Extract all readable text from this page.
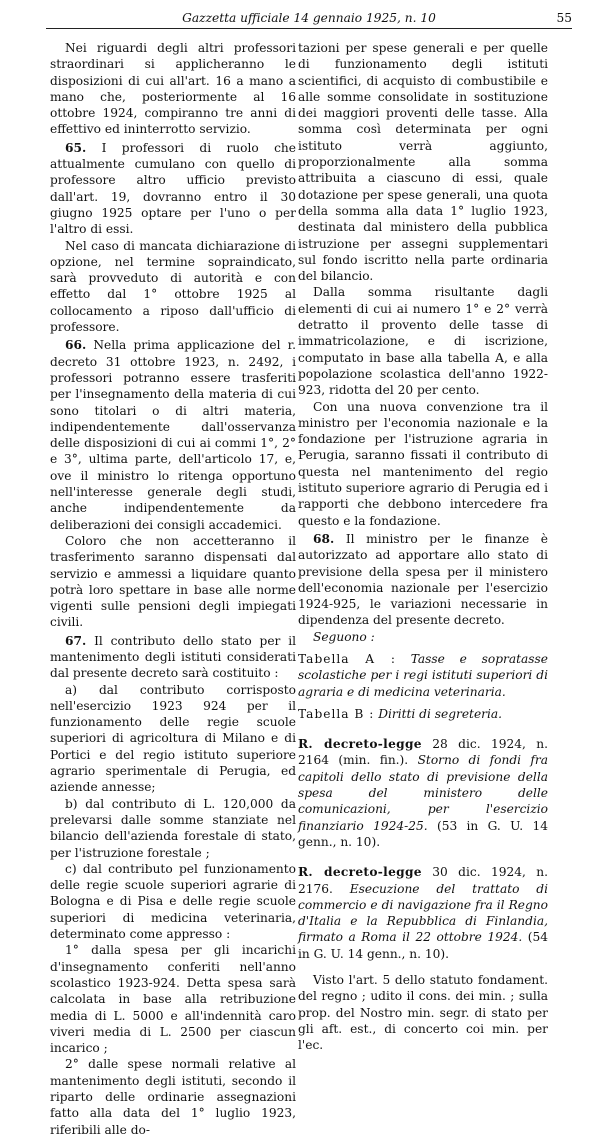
Gazzetta ufficiale 14 gennaio 1925, n. 10	55

Nei riguardi degli altri professori straordinari si applicheranno le disposizioni di cui all'art. 16 a mano a mano che, posteriormente al 16 ottobre 1924, compiranno tre anni di effettivo ed ininterrotto servizio.

65. I professori di ruolo che attualmente cumulano con quello di professore altro ufficio previsto dall'art. 19, dovranno entro il 30 giugno 1925 optare per l'uno o per l'altro di essi.

Nel caso di mancata dichiarazione di opzione, nel termine sopraindicato, sarà provveduto di autorità e con effetto dal 1° ottobre 1925 al collocamento a riposo dall'ufficio di professore.

66. Nella prima applicazione del r. decreto 31 ottobre 1923, n. 2492, i professori potranno essere trasferiti per l'insegnamento della materia di cui sono titolari o di altri materia, indipendentemente dall'osservanza delle disposizioni di cui ai commi 1°, 2° e 3°, ultima parte, dell'articolo 17, e, ove il ministro lo ritenga opportuno nell'interesse generale degli studi, anche indipendentemente da deliberazioni dei consigli accademici.

Coloro che non accetteranno il trasferimento saranno dispensati dal servizio e ammessi a liquidare quanto potrà loro spettare in base alle norme vigenti sulle pensioni degli impiegati civili.

67. Il contributo dello stato per il mantenimento degli istituti considerati dal presente decreto sarà costituito :

a) dal contributo corrisposto nell'esercizio 1923 924 per il funzionamento delle regie scuole superiori di agricoltura di Milano e di Portici e del regio istituto superiore agrario sperimentale di Perugia, ed aziende annesse;

b) dal contributo di L. 120,000 da prelevarsi dalle somme stanziate nel bilancio dell'azienda forestale di stato, per l'istruzione forestale ;

c) dal contributo pel funzionamento delle regie scuole superiori agrarie di Bologna e di Pisa e delle regie scuole superiori di medicina veterinaria, determinato come appresso :

1° dalla spesa per gli incarichi d'insegnamento conferiti nell'anno scolastico 1923-924. Detta spesa sarà calcolata in base alla retribuzione media di L. 5000 e all'indennità caro viveri media di L. 2500 per ciascun incarico ;

2° dalle spese normali relative al mantenimento degli istituti, secondo il riparto delle ordinarie assegnazioni fatto alla data del 1° luglio 1923, riferibili alle do-

tazioni per spese generali e per quelle di funzionamento degli istituti scientifici, di acquisto di combustibile e alle somme consolidate in sostituzione dei maggiori proventi delle tasse. Alla somma così determinata per ogni istituto verrà aggiunto, proporzionalmente alla somma attribuita a ciascuno di essi, quale dotazione per spese generali, una quota della somma alla data 1° luglio 1923, destinata dal ministero della pubblica istruzione per assegni supplementari sul fondo iscritto nella parte ordinaria del bilancio.

Dalla somma risultante dagli elementi di cui ai numero 1° e 2° verrà detratto il provento delle tasse di immatricolazione, e di iscrizione, computato in base alla tabella A, e alla popolazione scolastica dell'anno 1922-923, ridotta del 20 per cento.

Con una nuova convenzione tra il ministro per l'economia nazionale e la fondazione per l'istruzione agraria in Perugia, saranno fissati il contributo di questa nel mantenimento del regio istituto superiore agrario di Perugia ed i rapporti che debbono intercedere fra questo e la fondazione.

68. Il ministro per le finanze è autorizzato ad apportare allo stato di previsione della spesa per il ministero dell'economia nazionale per l'esercizio 1924-925, le variazioni necessarie in dipendenza del presente decreto.

Seguono :

Tabella A : Tasse e sopratasse scolastiche per i regi istituti superiori di agraria e di medicina veterinaria.

Tabella B : Diritti di segreteria.

R. decreto-legge 28 dic. 1924, n. 2164 (min. fin.). Storno di fondi fra capitoli dello stato di previsione della spesa del ministero delle comunicazioni, per l'esercizio finanziario 1924-25. (53 in G. U. 14 genn., n. 10).

R. decreto-legge 30 dic. 1924, n. 2176. Esecuzione del trattato di commercio e di navigazione fra il Regno d'Italia e la Repubblica di Finlandia, firmato a Roma il 22 ottobre 1924. (54 in G. U. 14 genn., n. 10).

Visto l'art. 5 dello statuto fondament. del regno ; udito il cons. dei min. ; sulla prop. del Nostro min. segr. di stato per gli aft. est., di concerto coi min. per l'ec.
